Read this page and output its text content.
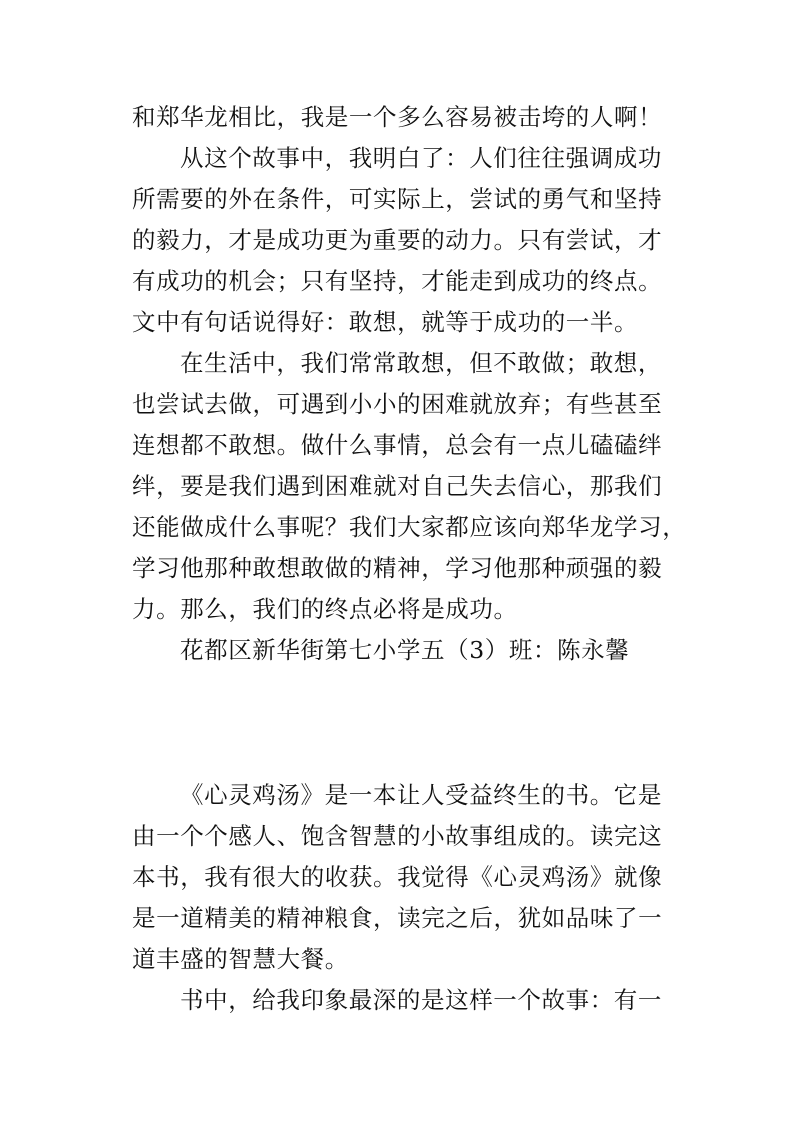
和郑华龙相比，我是一个多么容易被击垮的人啊！
从这个故事中，我明白了：人们往往强调成功
所需要的外在条件，可实际上，尝试的勇气和坚持
的毅力，才是成功更为重要的动力。只有尝试，才
有成功的机会；只有坚持，才能走到成功的终点。
文中有句话说得好：敢想，就等于成功的一半。
在生活中，我们常常敢想，但不敢做；敢想，
也尝试去做，可遇到小小的困难就放弃；有些甚至
连想都不敢想。做什么事情，总会有一点儿磕磕绊
绊，要是我们遇到困难就对自己失去信心，那我们
还能做成什么事呢？我们大家都应该向郑华龙学习，
学习他那种敢想敢做的精神，学习他那种顽强的毅
力。那么，我们的终点必将是成功。
花都区新华街第七小学五（3）班：陈永馨
《心灵鸡汤》是一本让人受益终生的书。它是
由一个个感人、饱含智慧的小故事组成的。读完这
本书，我有很大的收获。我觉得《心灵鸡汤》就像
是一道精美的精神粮食，读完之后，犹如品味了一
道丰盛的智慧大餐。
书中，给我印象最深的是这样一个故事：有一
